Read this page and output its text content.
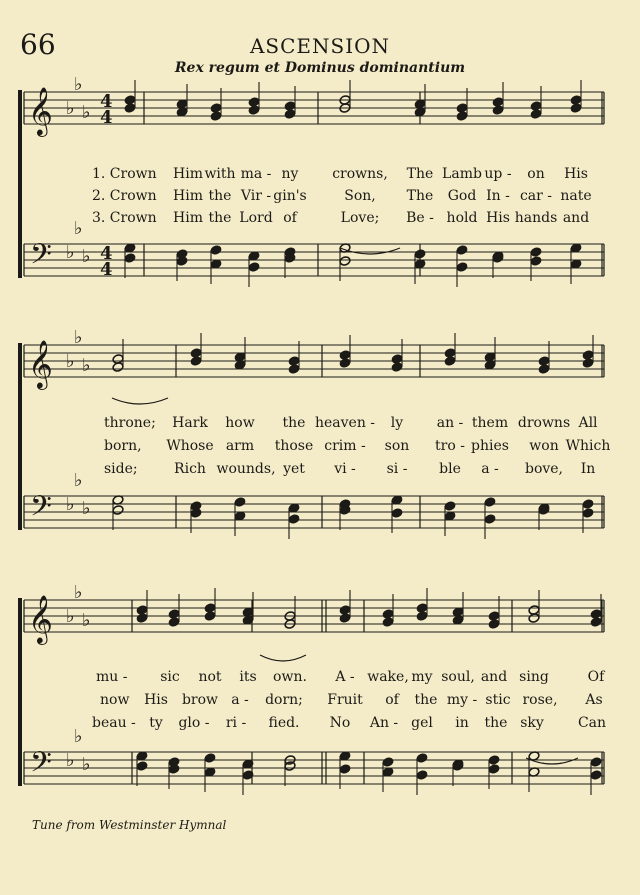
66	ASCENSION
Rex regum et Dominus dominantium
𝄞
𝄢
♭
♭
♭
♭
♭
♭
4
4
4
4
𝄞
𝄢
♭
♭
♭
♭
♭
♭
𝄞
𝄢
♭
♭
♭
♭
♭
♭
1. Crown Him with ma - ny crowns, The Lamb up - on His
2. Crown Him the Vir - gin's	Son, The God In - car - nate
3. Crown Him the Lord of	Love; Be - hold His hands and
throne; Hark how the heaven - ly an - them drowns All
born, Whose arm those crim - son tro - phies won Which
side;	Rich wounds, yet vi - si - ble a - bove, In
mu - sic not its own. A - wake, my soul, and sing	Of
now His brow a - dorn; Fruit of the my - stic rose, As
beau - ty glo - ri - fied. No An - gel in the sky Can
Tune from Westminster Hymnal
